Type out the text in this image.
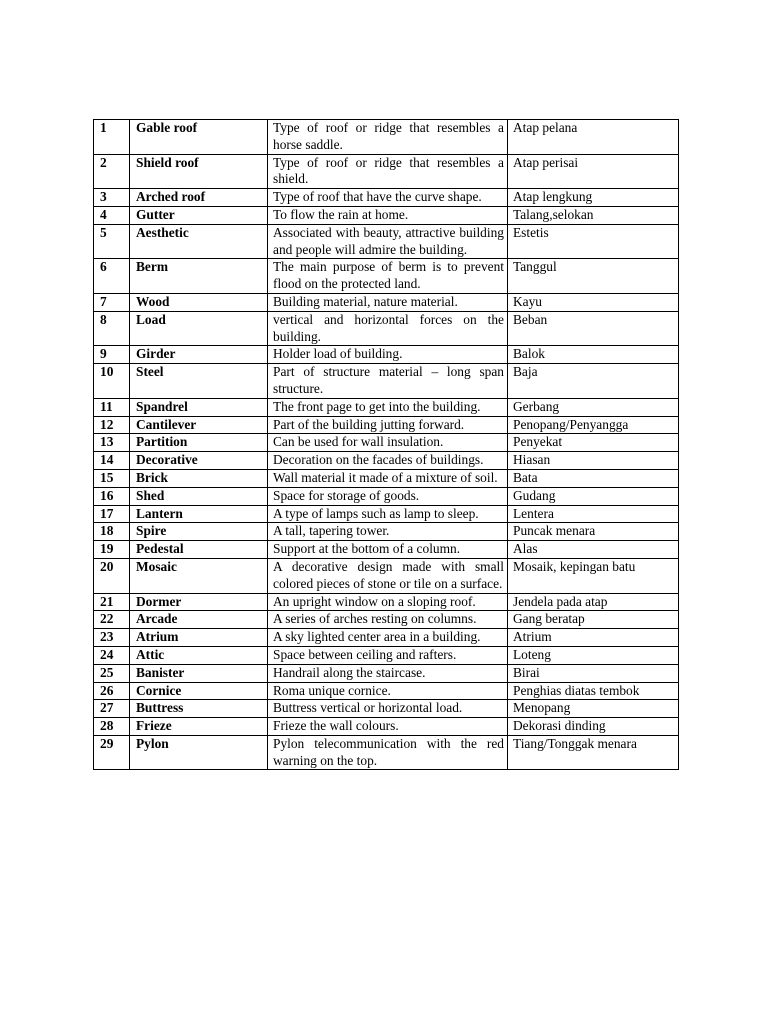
1	Gable roof	Type of roof or ridge that resembles a horse saddle.	Atap pelana
2	Shield roof	Type of roof or ridge that resembles a shield.	Atap perisai
3	Arched roof	Type of roof that have the curve shape.	Atap lengkung
4	Gutter	To flow the rain at home.	Talang,selokan
5	Aesthetic	Associated with beauty, attractive building and people will admire the building.	Estetis
6	Berm	The main purpose of berm is to prevent flood on the protected land.	Tanggul
7	Wood	Building material, nature material.	Kayu
8	Load	vertical and horizontal forces on the building.	Beban
9	Girder	Holder load of building.	Balok
10	Steel	Part of structure material – long span structure.	Baja
11	Spandrel	The front page to get into the building.	Gerbang
12	Cantilever	Part of the building jutting forward.	Penopang/Penyangga
13	Partition	Can be used for wall insulation.	Penyekat
14	Decorative	Decoration on the facades of buildings.	Hiasan
15	Brick	Wall material it made of a mixture of soil.	Bata
16	Shed	Space for storage of goods.	Gudang
17	Lantern	A type of lamps such as lamp to sleep.	Lentera
18	Spire	A tall, tapering tower.	Puncak menara
19	Pedestal	Support at the bottom of a column.	Alas
20	Mosaic	A decorative design made with small colored pieces of stone or tile on a surface.	Mosaik, kepingan batu
21	Dormer	An upright window on a sloping roof.	Jendela pada atap
22	Arcade	A series of arches resting on columns.	Gang beratap
23	Atrium	A sky lighted center area in a building.	Atrium
24	Attic	Space between ceiling and rafters.	Loteng
25	Banister	Handrail along the staircase.	Birai
26	Cornice	Roma unique cornice.	Penghias diatas tembok
27	Buttress	Buttress vertical or horizontal load.	Menopang
28	Frieze	Frieze the wall colours.	Dekorasi dinding
29	Pylon	Pylon telecommunication with the red warning on the top.	Tiang/Tonggak menara
